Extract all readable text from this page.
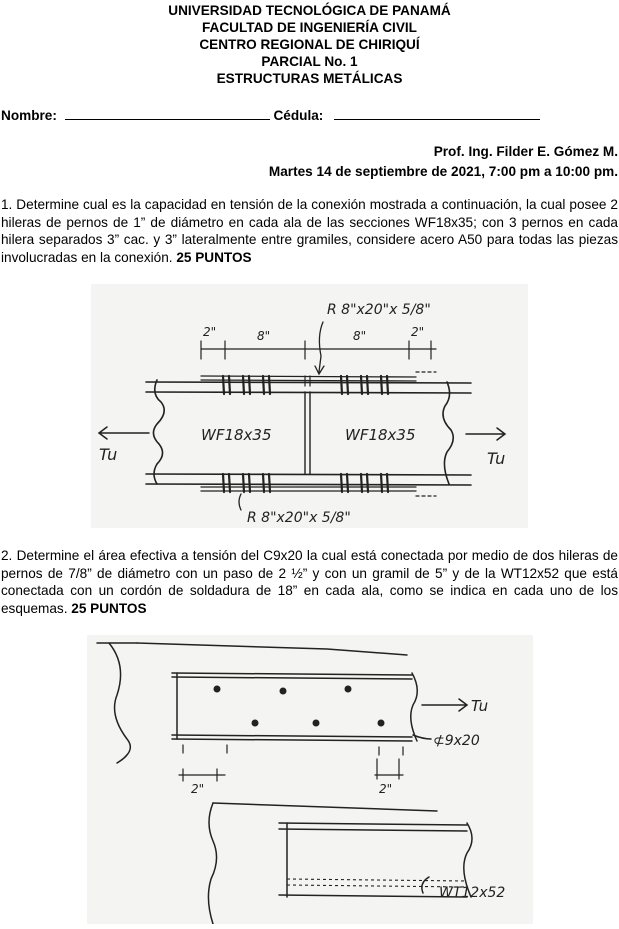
UNIVERSIDAD TECNOLÓGICA DE PANAMÁ
FACULTAD DE INGENIERÍA CIVIL
CENTRO REGIONAL DE CHIRIQUÍ
PARCIAL No. 1
ESTRUCTURAS METÁLICAS
Nombre:	Cédula:
Prof. Ing. Filder E. Gómez M.
Martes 14 de septiembre de 2021, 7:00 pm a 10:00 pm.
1. Determine cual es la capacidad en tensión de la conexión mostrada a continuación, la cual posee 2 hileras de pernos de 1” de diámetro en cada ala de las secciones WF18x35; con 3 pernos en cada hilera separados 3” cac. y 3” lateralmente entre gramiles, considere acero A50 para todas las piezas involucradas en la conexión. 25 PUNTOS
R 8"x20"x 5/8"
2"	8"	8"	2"
WF18x35	WF18x35
Tu	Tu
R 8"x20"x 5/8"
2. Determine el área efectiva a tensión del C9x20 la cual está conectada por medio de dos hileras de pernos de 7/8” de diámetro con un paso de 2 ½” y con un gramil de 5” y de la WT12x52 que está conectada con un cordón de soldadura de 18” en cada ala, como se indica en cada uno de los esquemas. 25 PUNTOS
Tu
⊄9x20
2"	2"
WT12x52
